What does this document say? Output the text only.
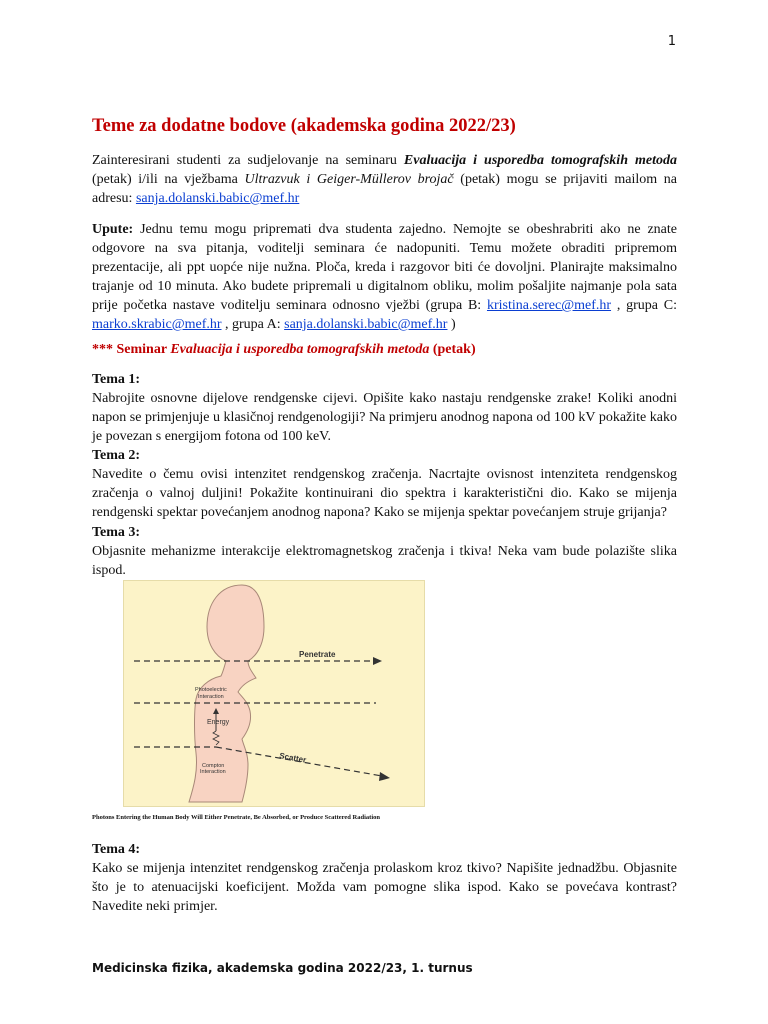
1
Teme za dodatne bodove (akademska godina 2022/23)

Zainteresirani studenti za sudjelovanje na seminaru Evaluacija i usporedba tomografskih metoda (petak) i/ili na vježbama Ultrazvuk i Geiger-Müllerov brojač (petak) mogu se prijaviti mailom na adresu: sanja.dolanski.babic@mef.hr

Upute: Jednu temu mogu pripremati dva studenta zajedno. Nemojte se obeshrabriti ako ne znate odgovore na sva pitanja, voditelji seminara će nadopuniti. Temu možete obraditi pripremom prezentacije, ali ppt uopće nije nužna. Ploča, kreda i razgovor biti će dovoljni. Planirajte maksimalno trajanje od 10 minuta. Ako budete pripremali u digitalnom obliku, molim pošaljite najmanje pola sata prije početka nastave voditelju seminara odnosno vježbi (grupa B: kristina.serec@mef.hr , grupa C: marko.skrabic@mef.hr , grupa A: sanja.dolanski.babic@mef.hr )

*** Seminar Evaluacija i usporedba tomografskih metoda (petak)

Tema 1:
Nabrojite osnovne dijelove rendgenske cijevi. Opišite kako nastaju rendgenske zrake! Koliki anodni napon se primjenjuje u klasičnoj rendgenologiji? Na primjeru anodnog napona od 100 kV pokažite kako je povezan s energijom fotona od 100 keV.

Tema 2:
Navedite o čemu ovisi intenzitet rendgenskog zračenja. Nacrtajte ovisnost intenziteta rendgenskog zračenja o valnoj duljini! Pokažite kontinuirani dio spektra i karakteristični dio. Kako se mijenja rendgenski spektar povećanjem anodnog napona? Kako se mijenja spektar povećanjem struje grijanja?

Tema 3:
Objasnite mehanizme interakcije elektromagnetskog zračenja i tkiva! Neka vam bude polazište slika ispod.

Penetrate
Photoelectric
Interaction
Energy
Scatter
Compton
Interaction
Photons Entering the Human Body Will Either Penetrate, Be Absorbed, or Produce Scattered Radiation

Tema 4:
Kako se mijenja intenzitet rendgenskog zračenja prolaskom kroz tkivo? Napišite jednadžbu. Objasnite što je to atenuacijski koeficijent. Možda vam pomogne slika ispod. Kako se povećava kontrast? Navedite neki primjer.

Medicinska fizika, akademska godina 2022/23, 1. turnus
